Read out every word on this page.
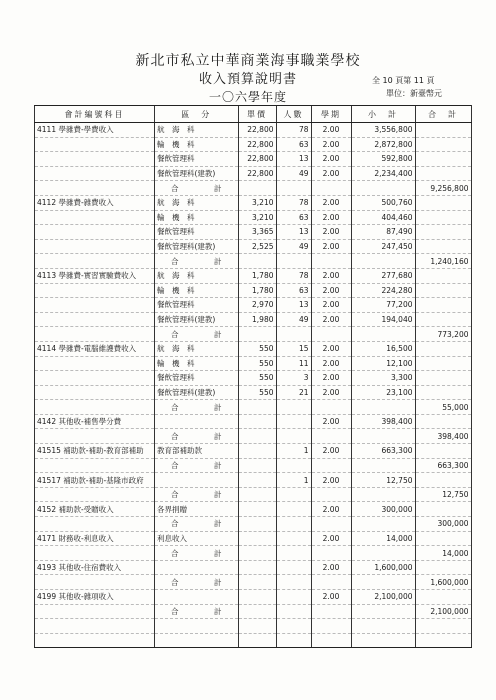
新北市私立中華商業海事職業學校
收入預算說明書
一〇六學年度
全 10 頁第 11 頁
單位：新臺幣元
會計編號科目	區　分	單價	人數	學期	小　計	合　計
4111 學雜費-學費收入	航　海　科	22,800	78	2.00	3,556,800	
	輪　機　科	22,800	63	2.00	2,872,800	
	餐飲管理科	22,800	13	2.00	592,800	
	餐飲管理科(建教)	22,800	49	2.00	2,234,400	
	合　計					9,256,800
4112 學雜費-雜費收入	航　海　科	3,210	78	2.00	500,760	
	輪　機　科	3,210	63	2.00	404,460	
	餐飲管理科	3,365	13	2.00	87,490	
	餐飲管理科(建教)	2,525	49	2.00	247,450	
	合　計					1,240,160
4113 學雜費-實習實驗費收入	航　海　科	1,780	78	2.00	277,680	
	輪　機　科	1,780	63	2.00	224,280	
	餐飲管理科	2,970	13	2.00	77,200	
	餐飲管理科(建教)	1,980	49	2.00	194,040	
	合　計					773,200
4114 學雜費-電腦維護費收入	航　海　科	550	15	2.00	16,500	
	輪　機　科	550	11	2.00	12,100	
	餐飲管理科	550	3	2.00	3,300	
	餐飲管理科(建教)	550	21	2.00	23,100	
	合　計					55,000
4142 其他收-補售學分費				2.00	398,400	
	合　計					398,400
41515 補助款-補助-教育部補助	教育部補助款		1	2.00	663,300	
	合　計					663,300
41517 補助款-補助-基隆市政府			1	2.00	12,750	
	合　計					12,750
4152 補助款-受贈收入	各界捐贈			2.00	300,000	
	合　計					300,000
4171 財務收-利息收入	利息收入			2.00	14,000	
	合　計					14,000
4193 其他收-住宿費收入				2.00	1,600,000	
	合　計					1,600,000
4199 其他收-雜項收入				2.00	2,100,000	
	合　計					2,100,000
